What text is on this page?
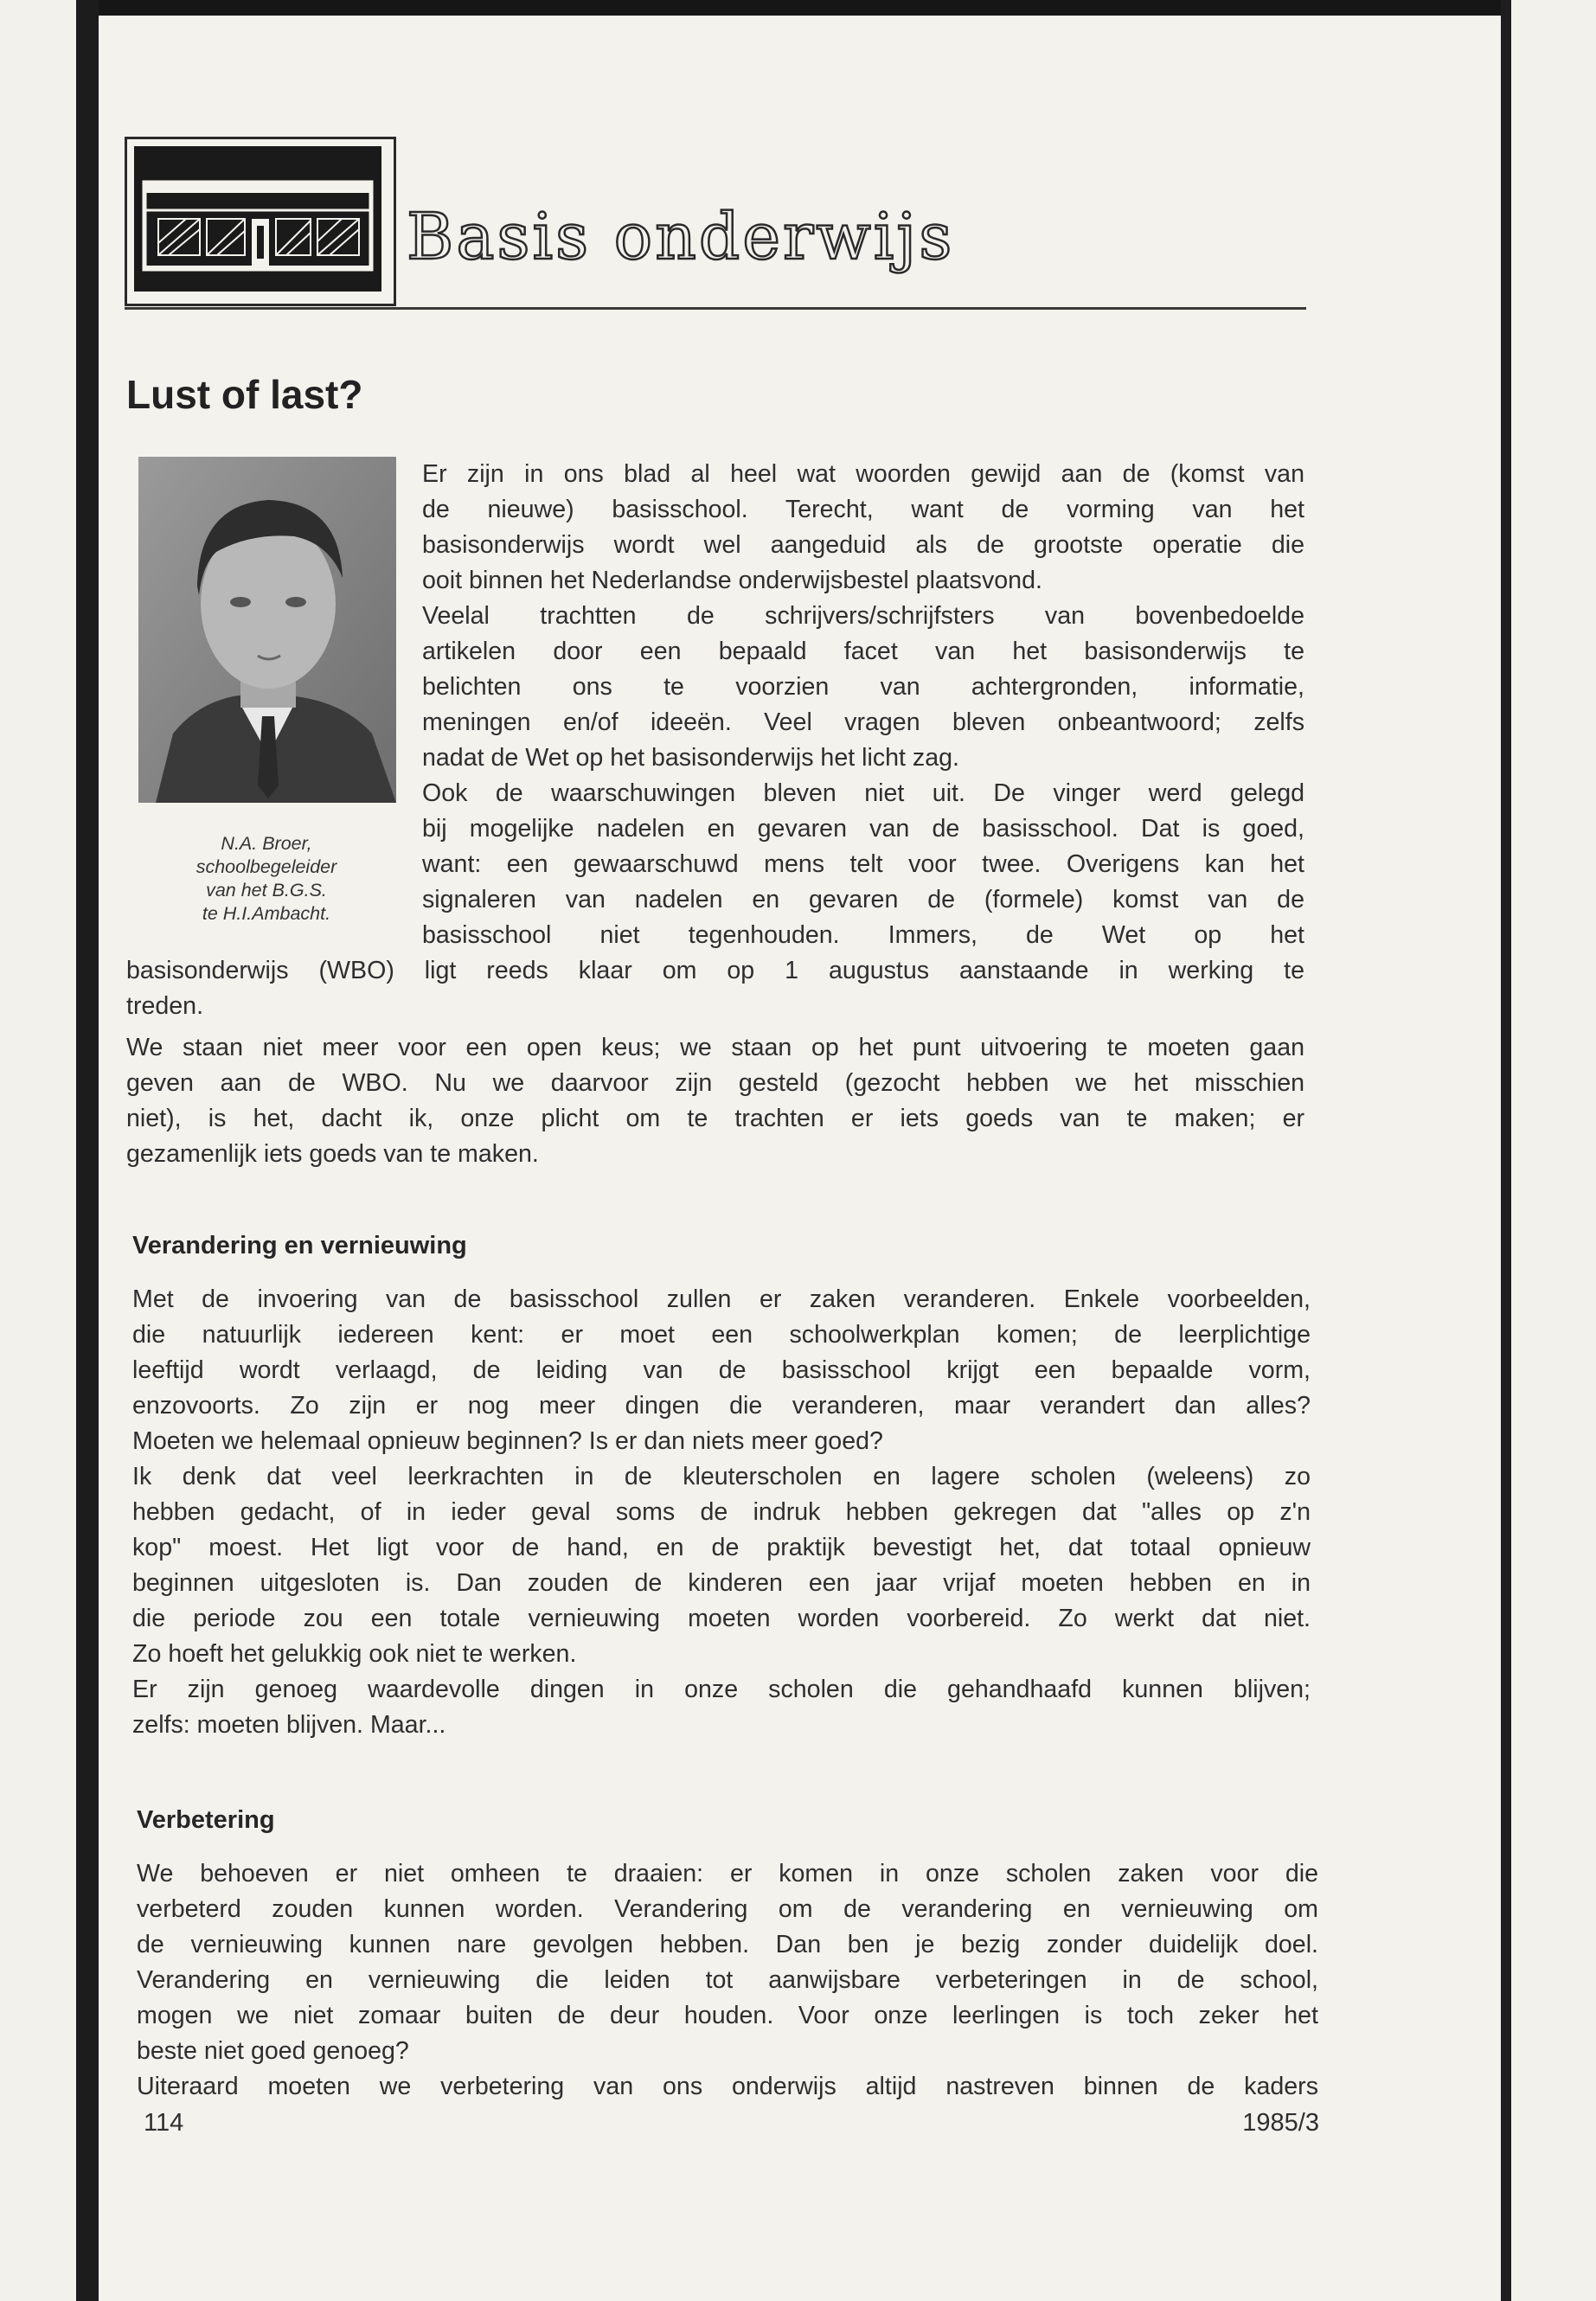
Basis onderwijs
Lust of last?
N.A. Broer,
schoolbegeleider
van het B.G.S.
te H.I.Ambacht.
Er zijn in ons blad al heel wat woorden gewijd aan de (komst van
de nieuwe) basisschool. Terecht, want de vorming van het
basisonderwijs wordt wel aangeduid als de grootste operatie die
ooit binnen het Nederlandse onderwijsbestel plaatsvond.
Veelal trachtten de schrijvers/schrijfsters van bovenbedoelde
artikelen door een bepaald facet van het basisonderwijs te
belichten ons te voorzien van achtergronden, informatie,
meningen en/of ideeën. Veel vragen bleven onbeantwoord; zelfs
nadat de Wet op het basisonderwijs het licht zag.
Ook de waarschuwingen bleven niet uit. De vinger werd gelegd
bij mogelijke nadelen en gevaren van de basisschool. Dat is goed,
want: een gewaarschuwd mens telt voor twee. Overigens kan het
signaleren van nadelen en gevaren de (formele) komst van de
basisschool niet tegenhouden. Immers, de Wet op het
basisonderwijs (WBO) ligt reeds klaar om op 1 augustus aanstaande in werking te
treden.
We staan niet meer voor een open keus; we staan op het punt uitvoering te moeten gaan
geven aan de WBO. Nu we daarvoor zijn gesteld (gezocht hebben we het misschien
niet), is het, dacht ik, onze plicht om te trachten er iets goeds van te maken; er
gezamenlijk iets goeds van te maken.
Verandering en vernieuwing
Met de invoering van de basisschool zullen er zaken veranderen. Enkele voorbeelden,
die natuurlijk iedereen kent: er moet een schoolwerkplan komen; de leerplichtige
leeftijd wordt verlaagd, de leiding van de basisschool krijgt een bepaalde vorm,
enzovoorts. Zo zijn er nog meer dingen die veranderen, maar verandert dan alles?
Moeten we helemaal opnieuw beginnen? Is er dan niets meer goed?
Ik denk dat veel leerkrachten in de kleuterscholen en lagere scholen (weleens) zo
hebben gedacht, of in ieder geval soms de indruk hebben gekregen dat "alles op z'n
kop" moest. Het ligt voor de hand, en de praktijk bevestigt het, dat totaal opnieuw
beginnen uitgesloten is. Dan zouden de kinderen een jaar vrijaf moeten hebben en in
die periode zou een totale vernieuwing moeten worden voorbereid. Zo werkt dat niet.
Zo hoeft het gelukkig ook niet te werken.
Er zijn genoeg waardevolle dingen in onze scholen die gehandhaafd kunnen blijven;
zelfs: moeten blijven. Maar...
Verbetering
We behoeven er niet omheen te draaien: er komen in onze scholen zaken voor die
verbeterd zouden kunnen worden. Verandering om de verandering en vernieuwing om
de vernieuwing kunnen nare gevolgen hebben. Dan ben je bezig zonder duidelijk doel.
Verandering en vernieuwing die leiden tot aanwijsbare verbeteringen in de school,
mogen we niet zomaar buiten de deur houden. Voor onze leerlingen is toch zeker het
beste niet goed genoeg?
Uiteraard moeten we verbetering van ons onderwijs altijd nastreven binnen de kaders
114	1985/3
